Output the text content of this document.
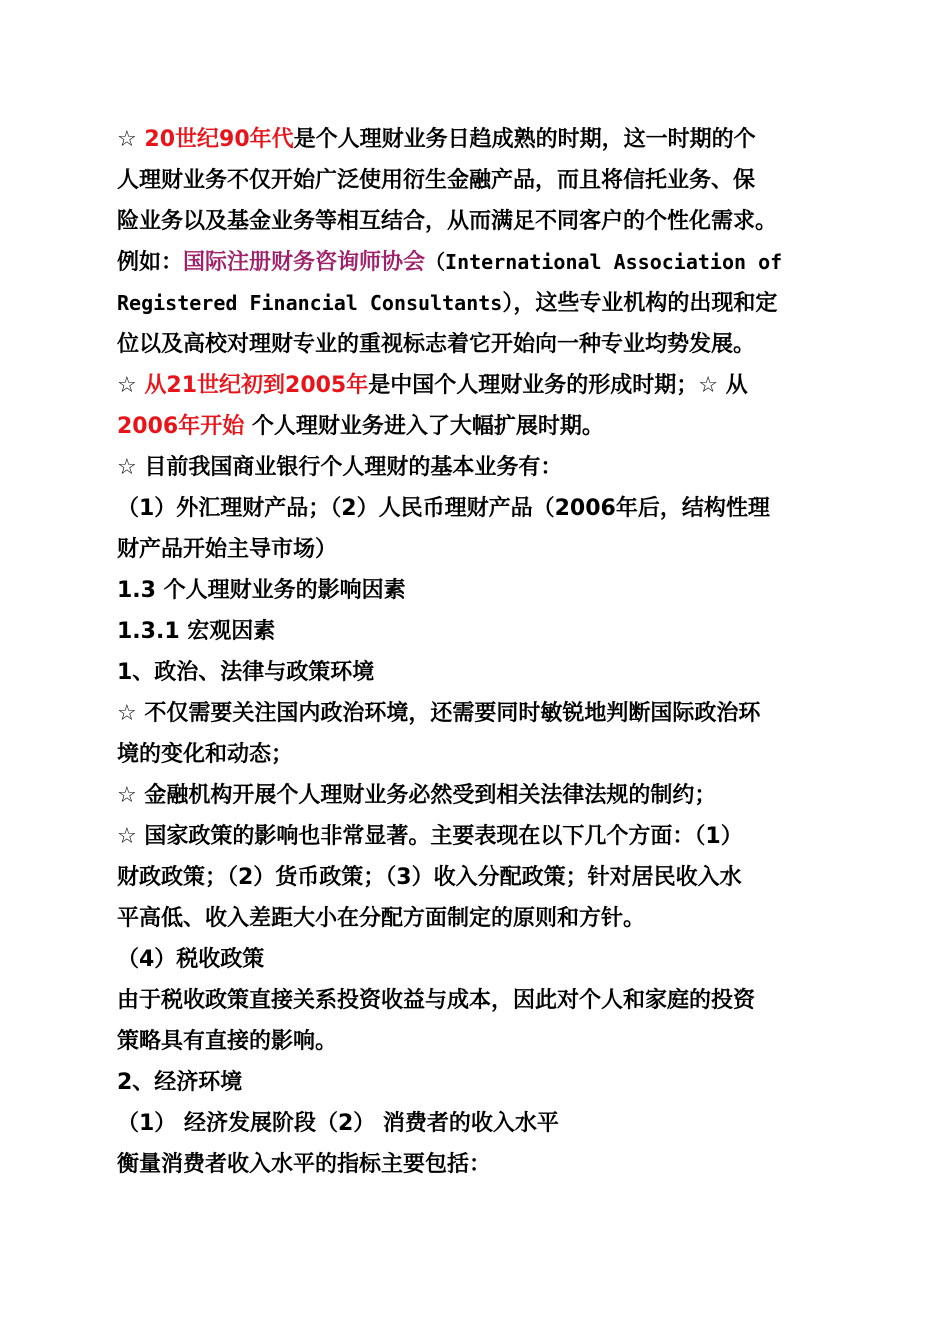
☆ 20世纪90年代是个人理财业务日趋成熟的时期，这一时期的个
人理财业务不仅开始广泛使用衍生金融产品，而且将信托业务、保
险业务以及基金业务等相互结合，从而满足不同客户的个性化需求。
例如：国际注册财务咨询师协会（International Association of
Registered Financial Consultants），这些专业机构的出现和定
位以及高校对理财专业的重视标志着它开始向一种专业均势发展。
☆ 从21世纪初到2005年是中国个人理财业务的形成时期；☆ 从
2006年开始 个人理财业务进入了大幅扩展时期。
☆ 目前我国商业银行个人理财的基本业务有：
（1）外汇理财产品；（2）人民币理财产品（2006年后，结构性理
财产品开始主导市场）
1.3 个人理财业务的影响因素
1.3.1 宏观因素
1、政治、法律与政策环境
☆ 不仅需要关注国内政治环境，还需要同时敏锐地判断国际政治环
境的变化和动态；
☆ 金融机构开展个人理财业务必然受到相关法律法规的制约；
☆ 国家政策的影响也非常显著。主要表现在以下几个方面：（1）
财政政策；（2）货币政策；（3）收入分配政策；针对居民收入水
平高低、收入差距大小在分配方面制定的原则和方针。
（4）税收政策
由于税收政策直接关系投资收益与成本，因此对个人和家庭的投资
策略具有直接的影响。
2、经济环境
（1） 经济发展阶段（2） 消费者的收入水平
衡量消费者收入水平的指标主要包括：
